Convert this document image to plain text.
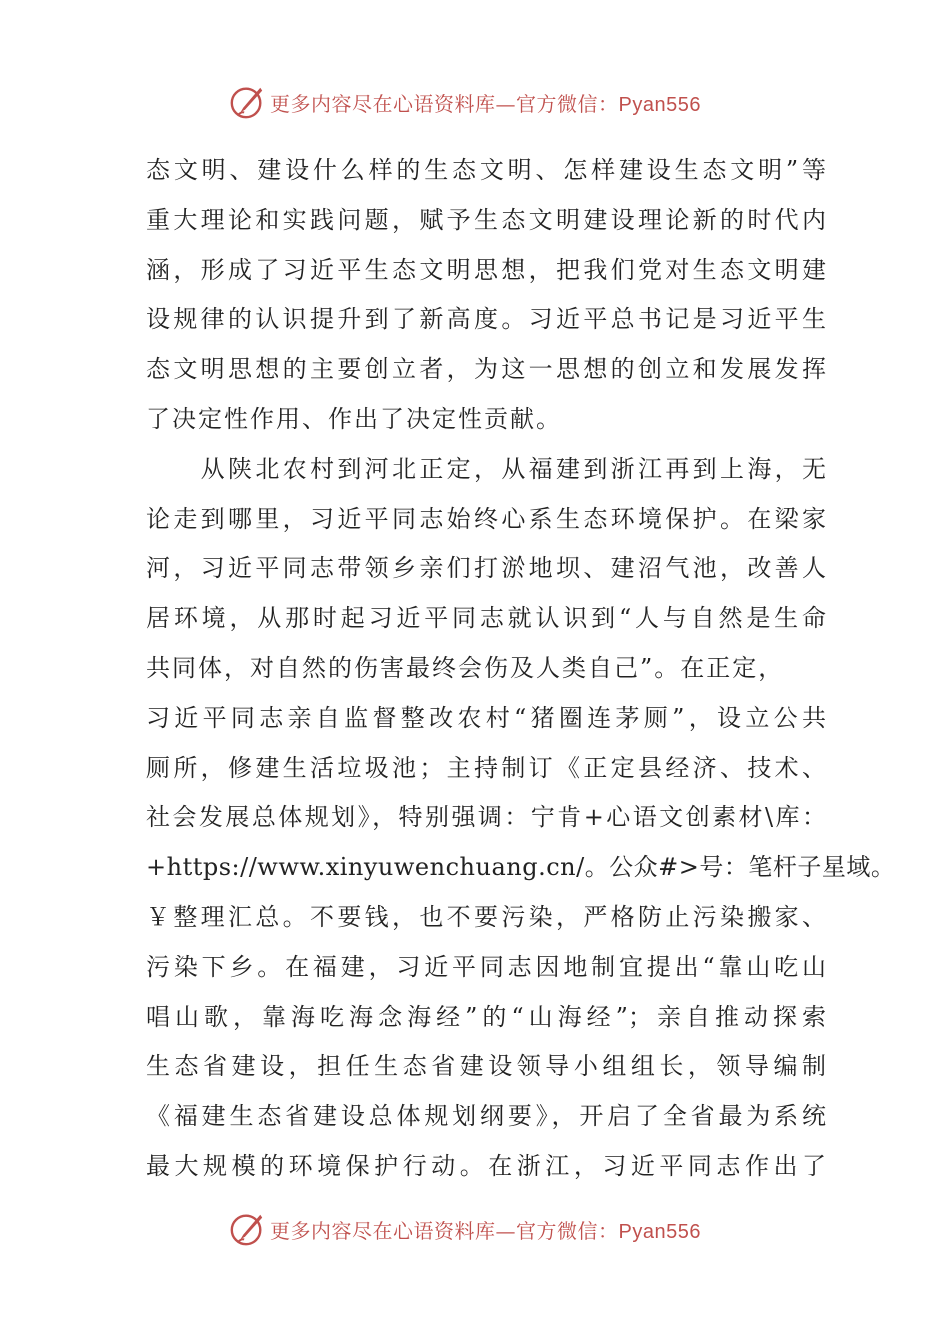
更多内容尽在心语资料库—官方微信：Pyan556
态文明、建设什么样的生态文明、怎样建设生态文明”等
重大理论和实践问题，赋予生态文明建设理论新的时代内
涵，形成了习近平生态文明思想，把我们党对生态文明建
设规律的认识提升到了新高度。习近平总书记是习近平生
态文明思想的主要创立者，为这一思想的创立和发展发挥
了决定性作用、作出了决定性贡献。
　　从陕北农村到河北正定，从福建到浙江再到上海，无
论走到哪里，习近平同志始终心系生态环境保护。在梁家
河，习近平同志带领乡亲们打淤地坝、建沼气池，改善人
居环境，从那时起习近平同志就认识到“人与自然是生命
共同体，对自然的伤害最终会伤及人类自己”。在正定，
习近平同志亲自监督整改农村“猪圈连茅厕”，设立公共
厕所，修建生活垃圾池；主持制订《正定县经济、技术、
社会发展总体规划》，特别强调：宁肯+心语文创素材\库：
+https://www.xinyuwenchuang.cn/。公众#>号：笔杆子星域。
￥整理汇总。不要钱，也不要污染，严格防止污染搬家、
污染下乡。在福建，习近平同志因地制宜提出“靠山吃山
唱山歌，靠海吃海念海经”的“山海经”；亲自推动探索
生态省建设，担任生态省建设领导小组组长，领导编制
《福建生态省建设总体规划纲要》，开启了全省最为系统
最大规模的环境保护行动。在浙江，习近平同志作出了
更多内容尽在心语资料库—官方微信：Pyan556
